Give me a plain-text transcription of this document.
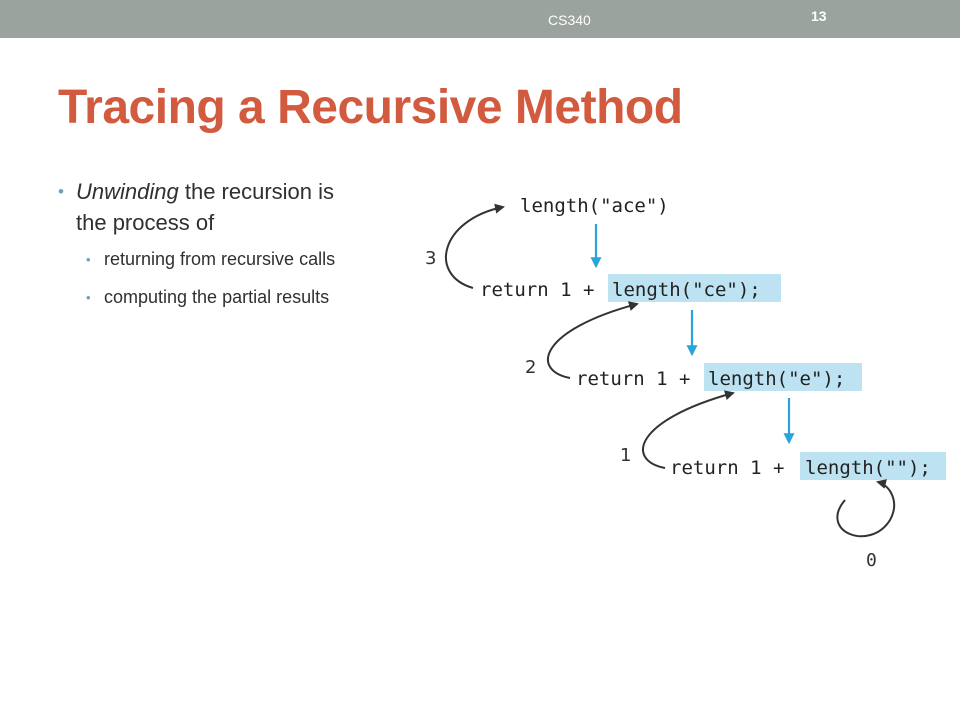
CS340	13
Tracing a Recursive Method
• Unwinding the recursion is the process of
• returning from recursive calls
• computing the partial results
length("ace")
return 1 + length("ce");
3
return 1 + length("e");
2
return 1 + length("");
1
0
